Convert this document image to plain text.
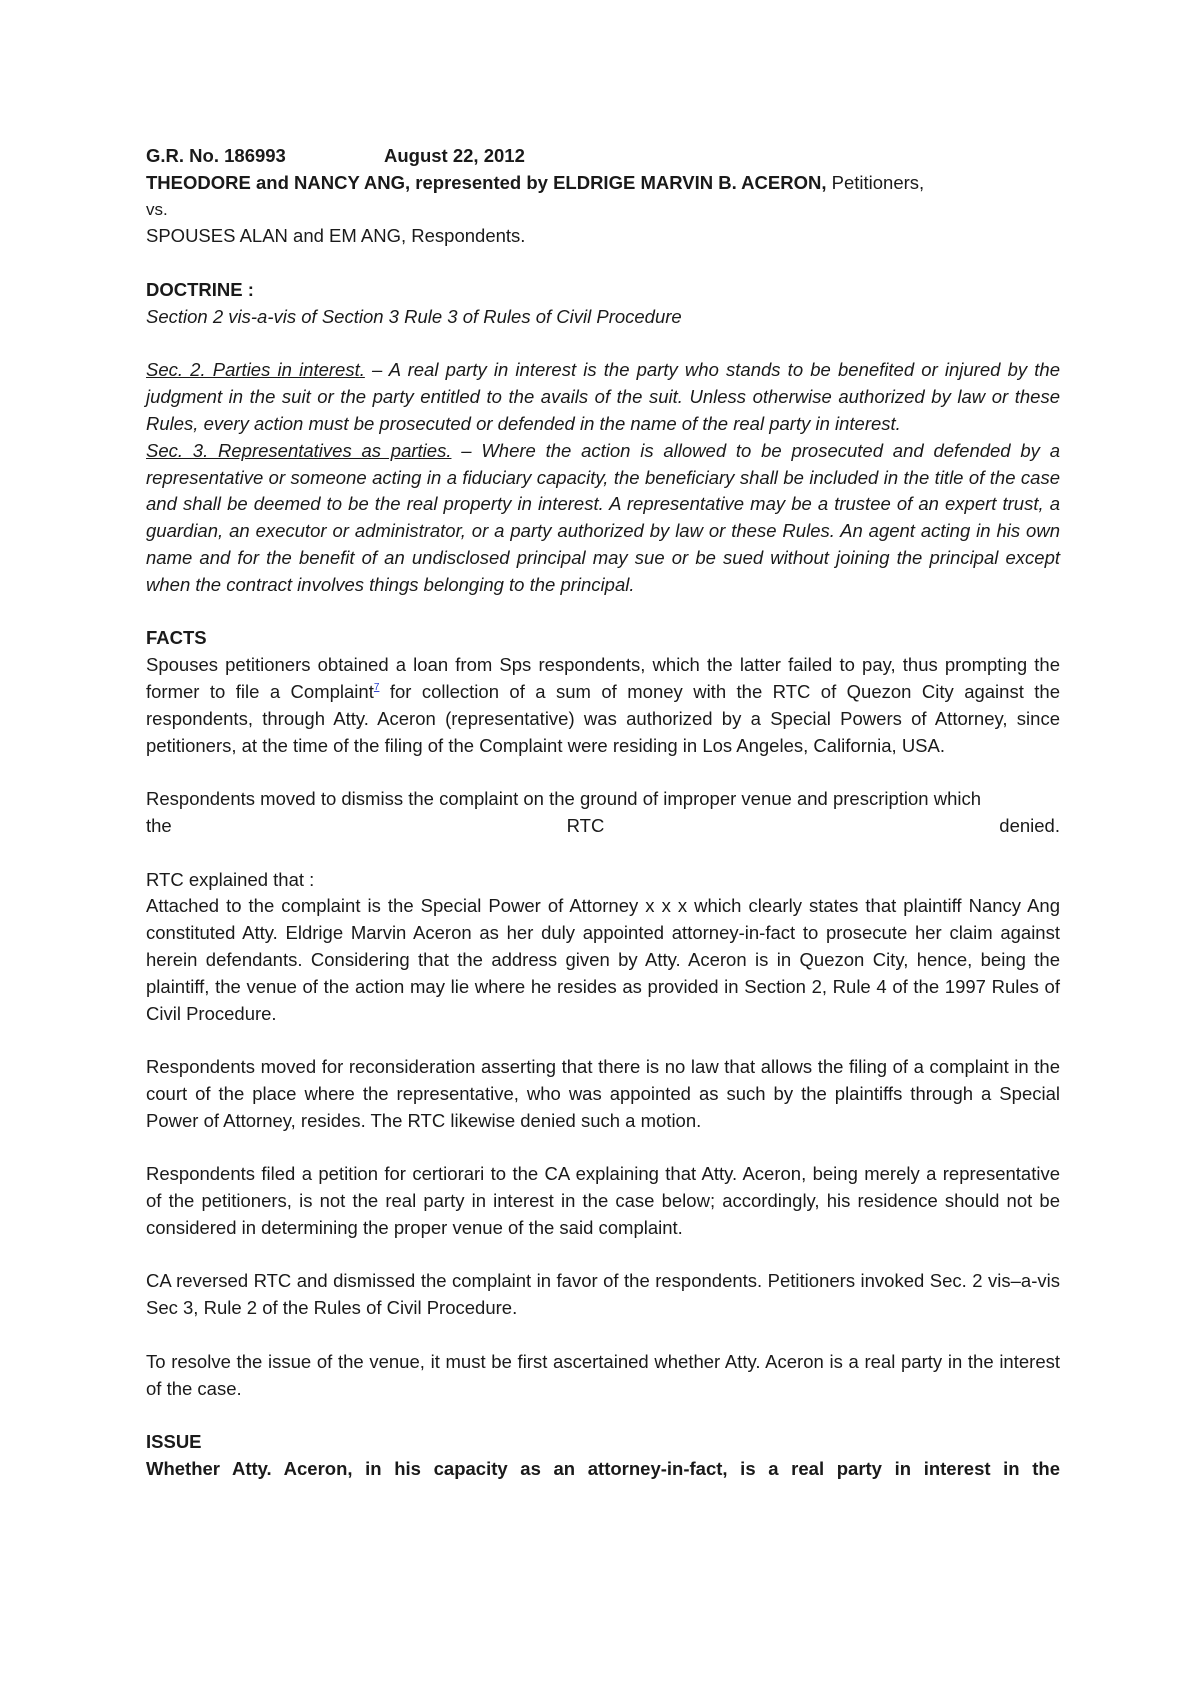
G.R. No. 186993	August 22, 2012
THEODORE and NANCY ANG, represented by ELDRIGE MARVIN B. ACERON, Petitioners,
vs.
SPOUSES ALAN and EM ANG, Respondents.
DOCTRINE :
Section 2 vis-a-vis of Section 3 Rule 3 of Rules of Civil Procedure
Sec. 2. Parties in interest. – A real party in interest is the party who stands to be benefited or injured by the judgment in the suit or the party entitled to the avails of the suit. Unless otherwise authorized by law or these Rules, every action must be prosecuted or defended in the name of the real party in interest.
Sec. 3. Representatives as parties. – Where the action is allowed to be prosecuted and defended by a representative or someone acting in a fiduciary capacity, the beneficiary shall be included in the title of the case and shall be deemed to be the real property in interest. A representative may be a trustee of an expert trust, a guardian, an executor or administrator, or a party authorized by law or these Rules. An agent acting in his own name and for the benefit of an undisclosed principal may sue or be sued without joining the principal except when the contract involves things belonging to the principal.
FACTS
Spouses petitioners obtained a loan from Sps respondents, which the latter failed to pay, thus prompting the former to file a Complaint$^7$ for collection of a sum of money with the RTC of Quezon City against the respondents, through Atty. Aceron (representative) was authorized by a Special Powers of Attorney, since petitioners, at the time of the filing of the Complaint were residing in Los Angeles, California, USA.
Respondents moved to dismiss the complaint on the ground of improper venue and prescription which
the	RTC	denied.
RTC explained that :
Attached to the complaint is the Special Power of Attorney x x x which clearly states that plaintiff Nancy Ang constituted Atty. Eldrige Marvin Aceron as her duly appointed attorney-in-fact to prosecute her claim against herein defendants. Considering that the address given by Atty. Aceron is in Quezon City, hence, being the plaintiff, the venue of the action may lie where he resides as provided in Section 2, Rule 4 of the 1997 Rules of Civil Procedure.
Respondents moved for reconsideration asserting that there is no law that allows the filing of a complaint in the court of the place where the representative, who was appointed as such by the plaintiffs through a Special Power of Attorney, resides. The RTC likewise denied such a motion.
Respondents filed a petition for certiorari to the CA explaining that Atty. Aceron, being merely a representative of the petitioners, is not the real party in interest in the case below; accordingly, his residence should not be considered in determining the proper venue of the said complaint.
CA reversed RTC and dismissed the complaint in favor of the respondents. Petitioners invoked Sec. 2 vis–a-vis Sec 3, Rule 2 of the Rules of Civil Procedure.
To resolve the issue of the venue, it must be first ascertained whether Atty. Aceron is a real party in the interest of the case.
ISSUE
Whether Atty. Aceron, in his capacity as an attorney-in-fact, is a real party in interest in the
